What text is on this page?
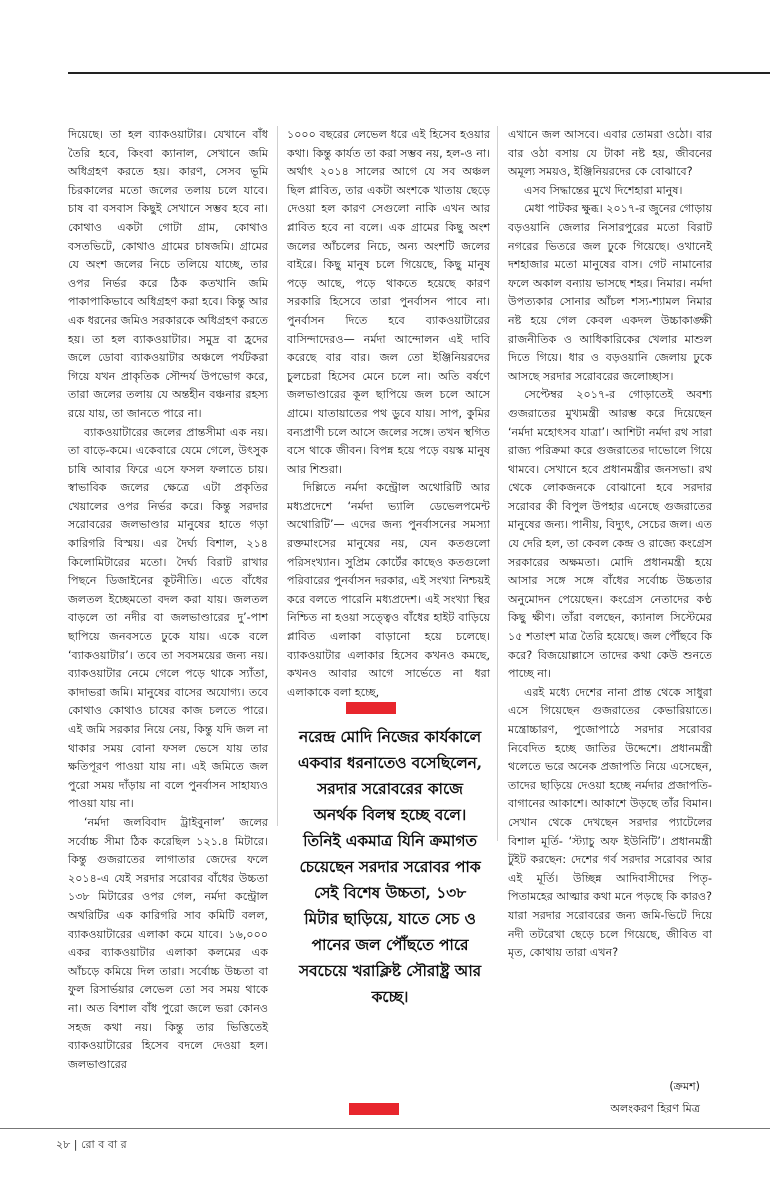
দিয়েছে। তা হল ব্যাকওয়াটার। যেখানে বাঁধ তৈরি হবে, কিংবা ক্যানাল, সেখানে জমি অধিগ্রহণ করতে হয়। কারণ, সেসব ভূমি চিরকালের মতো জলের তলায় চলে যাবে। চাষ বা বসবাস কিছুই সেখানে সম্ভব হবে না। কোথাও একটা গোটা গ্রাম, কোথাও বসতভিটে, কোথাও গ্রামের চাষজমি। গ্রামের যে অংশ জলের নিচে তলিয়ে যাচ্ছে, তার ওপর নির্ভর করে ঠিক কতখানি জমি পাকাপাকিভাবে অধিগ্রহণ করা হবে। কিন্তু আর এক ধরনের জমিও সরকারকে অধিগ্রহণ করতে হয়। তা হল ব্যাকওয়াটার। সমুদ্র বা হ্রদের জলে ডোবা ব্যাকওয়াটার অঞ্চলে পর্যটকরা গিয়ে যখন প্রাকৃতিক সৌন্দর্য উপভোগ করে, তারা জলের তলায় যে অন্তহীন বঞ্চনার রহস্য রয়ে যায়, তা জানতে পারে না।

ব্যাকওয়াটারের জলের প্রান্তসীমা এক নয়। তা বাড়ে-কমে। একেবারে যেমে গেলে, উৎসুক চাষি আবার ফিরে এসে ফসল ফলাতে চায়। স্বাভাবিক জলের ক্ষেত্রে এটা প্রকৃতির খেয়ালের ওপর নির্ভর করে। কিন্তু সরদার সরোবরের জলভাণ্ডার মানুষের হাতে গড়া কারিগরি বিস্ময়। এর দৈর্ঘ্য বিশাল, ২১৪ কিলোমিটারের মতো। দৈর্ঘ্য বিরাট রাখার পিছনে ডিজাইনের কূটনীতি। এতে বাঁধের জলতল ইচ্ছেমতো বদল করা যায়। জলতল বাড়লে তা নদীর বা জলভাণ্ডারের দু’-পাশ ছাপিয়ে জনবসতে ঢুকে যায়। একে বলে ‘ব্যাকওয়াটার’। তবে তা সবসময়ের জন্য নয়। ব্যাকওয়াটার নেমে গেলে পড়ে থাকে স্যাঁতা, কাদাভরা জমি। মানুষের বাসের অযোগ্য। তবে কোথাও কোথাও চাষের কাজ চলতে পারে। এই জমি সরকার নিয়ে নেয়, কিন্তু যদি জল না থাকার সময় বোনা ফসল ভেসে যায় তার ক্ষতিপূরণ পাওয়া যায় না। এই জমিতে জল পুরো সময় দাঁড়ায় না বলে পুনর্বাসন সাহায্যও পাওয়া যায় না।

‘নর্মদা জলবিবাদ ট্রাইবুনাল’ জলের সর্বোচ্চ সীমা ঠিক করেছিল ১২১.৪ মিটারে। কিন্তু গুজরাতের লাগাতার জেদের ফলে ২০১৪-এ যেই সরদার সরোবর বাঁধের উচ্চতা ১৩৮ মিটারের ওপর গেল, নর্মদা কন্ট্রোল অথরিটির এক কারিগরি সাব কমিটি বলল, ব্যাকওয়াটারের এলাকা কমে যাবে। ১৬,০০০ একর ব্যাকওয়াটার এলাকা কলমের এক আঁচড়ে কমিয়ে দিল তারা। সর্বোচ্চ উচ্চতা বা ফুল রিসার্ভয়ার লেভেল তো সব সময় থাকে না। অত বিশাল বাঁধ পুরো জলে ভরা কোনও সহজ কথা নয়। কিন্তু তার ভিত্তিতেই ব্যাকওয়াটারের হিসেব বদলে দেওয়া হল। জলভাণ্ডারের

১০০০ বছরের লেভেল ধরে এই হিসেব হওয়ার কথা। কিন্তু কার্যত তা করা সম্ভব নয়, হল-ও না। অর্থাৎ ২০১৪ সালের আগে যে সব অঞ্চল ছিল প্লাবিত, তার একটা অংশকে খাতায় ছেড়ে দেওয়া হল কারণ সেগুলো নাকি এখন আর প্লাবিত হবে না বলে। এক গ্রামের কিছু অংশ জলের আঁচলের নিচে, অন্য অংশটি জলের বাইরে। কিছু মানুষ চলে গিয়েছে, কিছু মানুষ পড়ে আছে, পড়ে থাকতে হয়েছে কারণ সরকারি হিসেবে তারা পুনর্বাসন পাবে না। পুনর্বাসন দিতে হবে ব্যাকওয়াটারের বাসিন্দাদেরও— নর্মদা আন্দোলন এই দাবি করেছে বার বার। জল তো ইঞ্জিনিয়রদের চুলচেরা হিসেব মেনে চলে না। অতি বর্ষণে জলভাণ্ডারের কূল ছাপিয়ে জল চলে আসে গ্রামে। যাতায়াতের পথ ডুবে যায়। সাপ, কুমির বন্যপ্রাণী চলে আসে জলের সঙ্গে। তখন স্থগিত বসে থাকে জীবন। বিপন্ন হয়ে পড়ে বয়স্ক মানুষ আর শিশুরা।

দিল্লিতে নর্মদা কন্ট্রোল অথোরিটি আর মধ্যপ্রদেশে ‘নর্মদা ভ্যালি ডেভেলপমেন্ট অথোরিটি’— এদের জন্য পুনর্বাসনের সমস্যা রক্তমাংসের মানুষের নয়, যেন কতগুলো পরিসংখ্যান। সুপ্রিম কোর্টের কাছেও কতগুলো পরিবারের পুনর্বাসন দরকার, এই সংখ্যা নিশ্চয়ই করে বলতে পারেনি মধ্যপ্রদেশ। এই সংখ্যা স্থির নিশ্চিত না হওয়া সত্ত্বেও বাঁধের হাইট বাড়িয়ে প্লাবিত এলাকা বাড়ানো হয়ে চলেছে। ব্যাকওয়াটার এলাকার হিসেব কখনও কমছে, কখনও আবার আগে সার্ভেতে না ধরা এলাকাকে বলা হচ্ছে,

এখানে জল আসবে। এবার তোমরা ওঠো। বার বার ওঠা বসায় যে টাকা নষ্ট হয়, জীবনের অমূল্য সময়ও, ইঞ্জিনিয়রদের কে বোঝাবে?

এসব সিদ্ধান্তের মুখে দিশেহারা মানুষ।

মেধা পাটকর ক্ষুব্ধ। ২০১৭-র জুনের গোড়ায় বড়ওয়ানি জেলার নিসারপুরের মতো বিরাট নগরের ভিতরে জল ঢুকে গিয়েছে। ওখানেই দশহাজার মতো মানুষের বাস। গেট নামানোর ফলে অকাল বন্যায় ভাসছে শহর। নিমার। নর্মদা উপত্যকার সোনার আঁচল শস্য-শ্যামল নিমার নষ্ট হয়ে গেল কেবল একদল উচ্চাকাঙ্ক্ষী রাজনীতিক ও আধিকারিকের খেলার মাশুল দিতে গিয়ে। ধার ও বড়ওয়ানি জেলায় ঢুকে আসছে সরদার সরোবরের জলোচ্ছাস।

সেপ্টেম্বর ২০১৭-র গোড়াতেই অবশ্য গুজরাতের মুখ্যমন্ত্রী আরম্ভ করে দিয়েছেন ‘নর্মদা মহোৎসব যাত্রা’। আশিটা নর্মদা রথ সারা রাজ্য পরিক্রমা করে গুজরাতের দাভোলে গিয়ে থামবে। সেখানে হবে প্রধানমন্ত্রীর জনসভা। রথ থেকে লোকজনকে বোঝানো হবে সরদার সরোবর কী বিপুল উপহার এনেছে গুজরাতের মানুষের জন্য। পানীয়, বিদ্যুৎ, সেচের জল। এত যে দেরি হল, তা কেবল কেন্দ্র ও রাজ্যে কংগ্রেস সরকারের অক্ষমতা। মোদি প্রধানমন্ত্রী হয়ে আসার সঙ্গে সঙ্গে বাঁধের সর্বোচ্চ উচ্চতার অনুমোদন পেয়েছেন। কংগ্রেস নেতাদের কণ্ঠ কিছু ক্ষীণ। তাঁরা বলছেন, ক্যানাল সিস্টেমের ১৫ শতাংশ মাত্র তৈরি হয়েছে। জল পৌঁছবে কি করে? বিজয়োল্লাসে তাদের কথা কেউ শুনতে পাচ্ছে না।

এরই মধ্যে দেশের নানা প্রান্ত থেকে সাধুরা এসে গিয়েছেন গুজরাতের কেভারিয়াতে। মন্ত্রোচ্চারণ, পুজোপাঠে সরদার সরোবর নিবেদিত হচ্ছে জাতির উদ্দেশে। প্রধানমন্ত্রী থলেতে ভরে অনেক প্রজাপতি নিয়ে এসেছেন, তাদের ছাড়িয়ে দেওয়া হচ্ছে নর্মদার প্রজাপতি-বাগানের আকাশে। আকাশে উড়ছে তাঁর বিমান। সেখান থেকে দেখছেন সরদার প্যাটেলের বিশাল মূর্তি- ‘স্ট্যাচু অফ ইউনিটি’। প্রধানমন্ত্রী টুইট করছেন: দেশের গর্ব সরদার সরোবর আর এই মূর্তি। উচ্ছিন্ন আদিবাসীদের পিতৃ-পিতামহের আত্মার কথা মনে পড়ছে কি কারও? যারা সরদার সরোবরের জন্য জমি-ভিটে দিয়ে নদী তটরেখা ছেড়ে চলে গিয়েছে, জীবিত বা মৃত, কোথায় তারা এখন?

নরেন্দ্র মোদি নিজের কার্যকালে একবার ধরনাতেও বসেছিলেন, সরদার সরোবরের কাজে অনর্থক বিলম্ব হচ্ছে বলে। তিনিই একমাত্র যিনি ক্রমাগত চেয়েছেন সরদার সরোবর পাক সেই বিশেষ উচ্চতা, ১৩৮ মিটার ছাড়িয়ে, যাতে সেচ ও পানের জল পৌঁছতে পারে সবচেয়ে খরাক্লিষ্ট সৌরাষ্ট্র আর কচ্ছে।
(ক্রমশ)
অলংকরণ হিরণ মিত্র
২৮ | রো ব বা র
